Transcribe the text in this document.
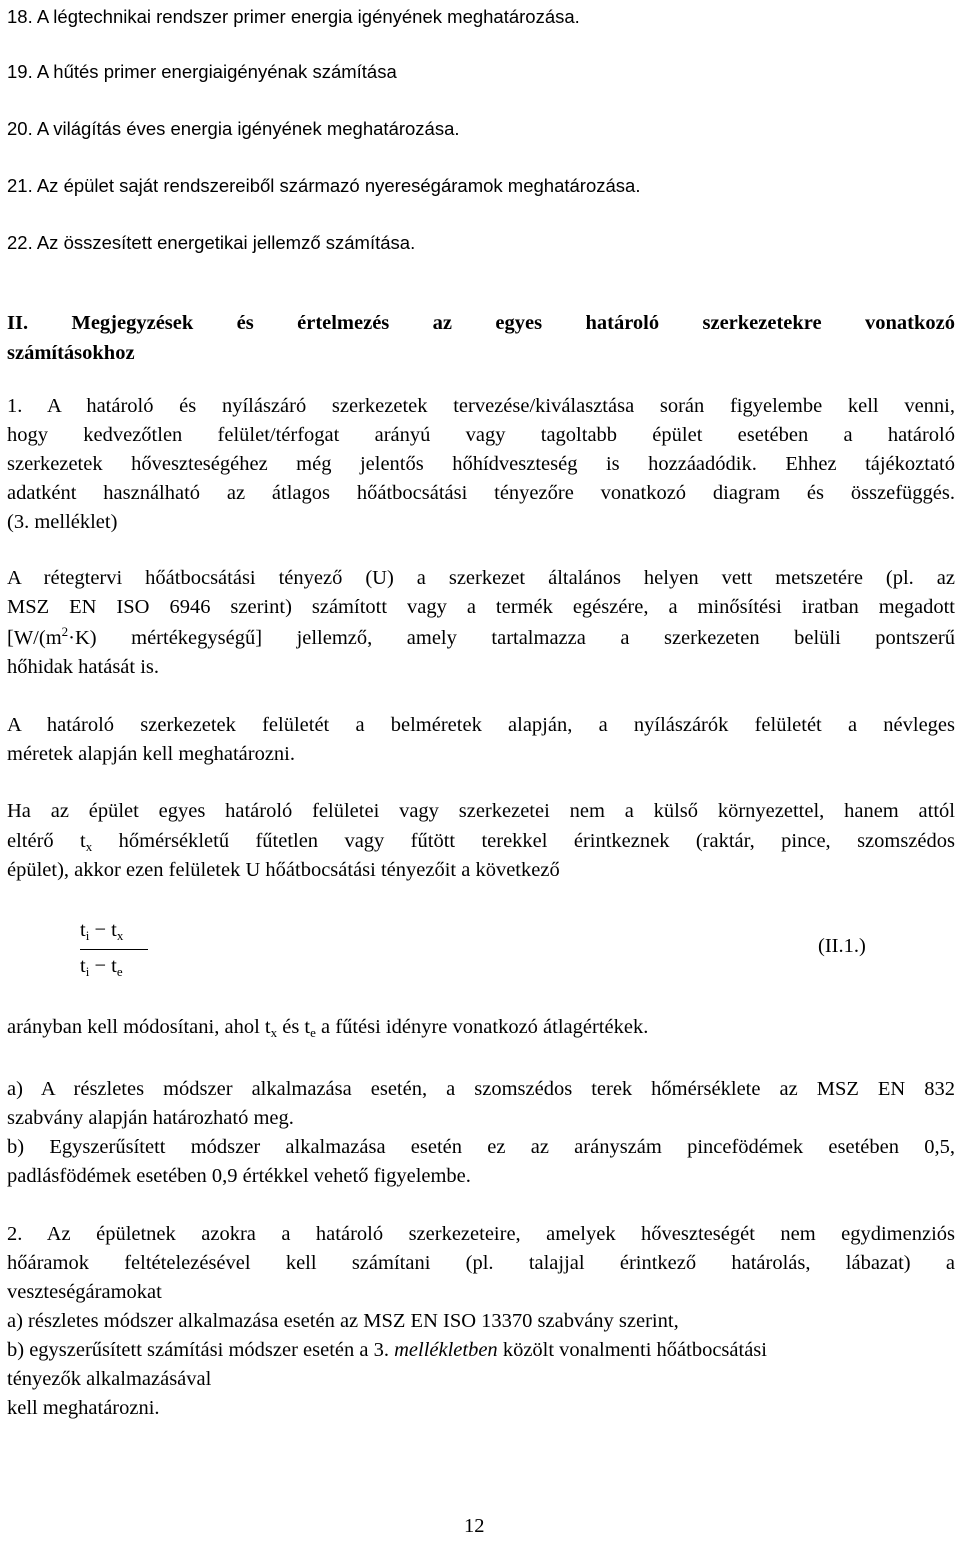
18. A légtechnikai rendszer primer energia igényének meghatározása.
19. A hűtés primer energiaigényénak számítása
20. A világítás éves energia igényének meghatározása.
21. Az épület saját rendszereiből származó nyereségáramok meghatározása.
22. Az összesített energetikai jellemző számítása.
II. Megjegyzések és értelmezés az egyes határoló szerkezetekre vonatkozó
számításokhoz
1. A határoló és nyílászáró szerkezetek tervezése/kiválasztása során figyelembe kell venni,
hogy kedvezőtlen felület/térfogat arányú vagy tagoltabb épület esetében a határoló
szerkezetek hőveszteségéhez még jelentős hőhídveszteség is hozzáadódik. Ehhez tájékoztató
adatként használható az átlagos hőátbocsátási tényezőre vonatkozó diagram és összefüggés.
(3. melléklet)
A rétegtervi hőátbocsátási tényező (U) a szerkezet általános helyen vett metszetére (pl. az
MSZ EN ISO 6946 szerint) számított vagy a termék egészére, a minősítési iratban megadott
[$W/(m^2\cdot K)$ mértékegységű] jellemző, amely tartalmazza a szerkezeten belüli pontszerű
hőhidak hatását is.
A határoló szerkezetek felületét a belméretek alapján, a nyílászárók felületét a névleges
méretek alapján kell meghatározni.
Ha az épület egyes határoló felületei vagy szerkezetei nem a külső környezettel, hanem attól
eltérő $t_x$ hőmérsékletű fűtetlen vagy fűtött terekkel érintkeznek (raktár, pince, szomszédos
épület), akkor ezen felületek U hőátbocsátási tényezőit a következő
$t_i - t_x$
$t_i - t_e$
(II.1.)
arányban kell módosítani, ahol $t_x$ és $t_e$ a fűtési idényre vonatkozó átlagértékek.
a) A részletes módszer alkalmazása esetén, a szomszédos terek hőmérséklete az MSZ EN 832
szabvány alapján határozható meg.
b) Egyszerűsített módszer alkalmazása esetén ez az arányszám pincefödémek esetében 0,5,
padlásfödémek esetében 0,9 értékkel vehető figyelembe.
2. Az épületnek azokra a határoló szerkezeteire, amelyek hőveszteségét nem egydimenziós
hőáramok feltételezésével kell számítani (pl. talajjal érintkező határolás, lábazat) a
veszteségáramokat
a) részletes módszer alkalmazása esetén az MSZ EN ISO 13370 szabvány szerint,
b) egyszerűsített számítási módszer esetén a 3. mellékletben közölt vonalmenti hőátbocsátási
tényezők alkalmazásával
kell meghatározni.
12
